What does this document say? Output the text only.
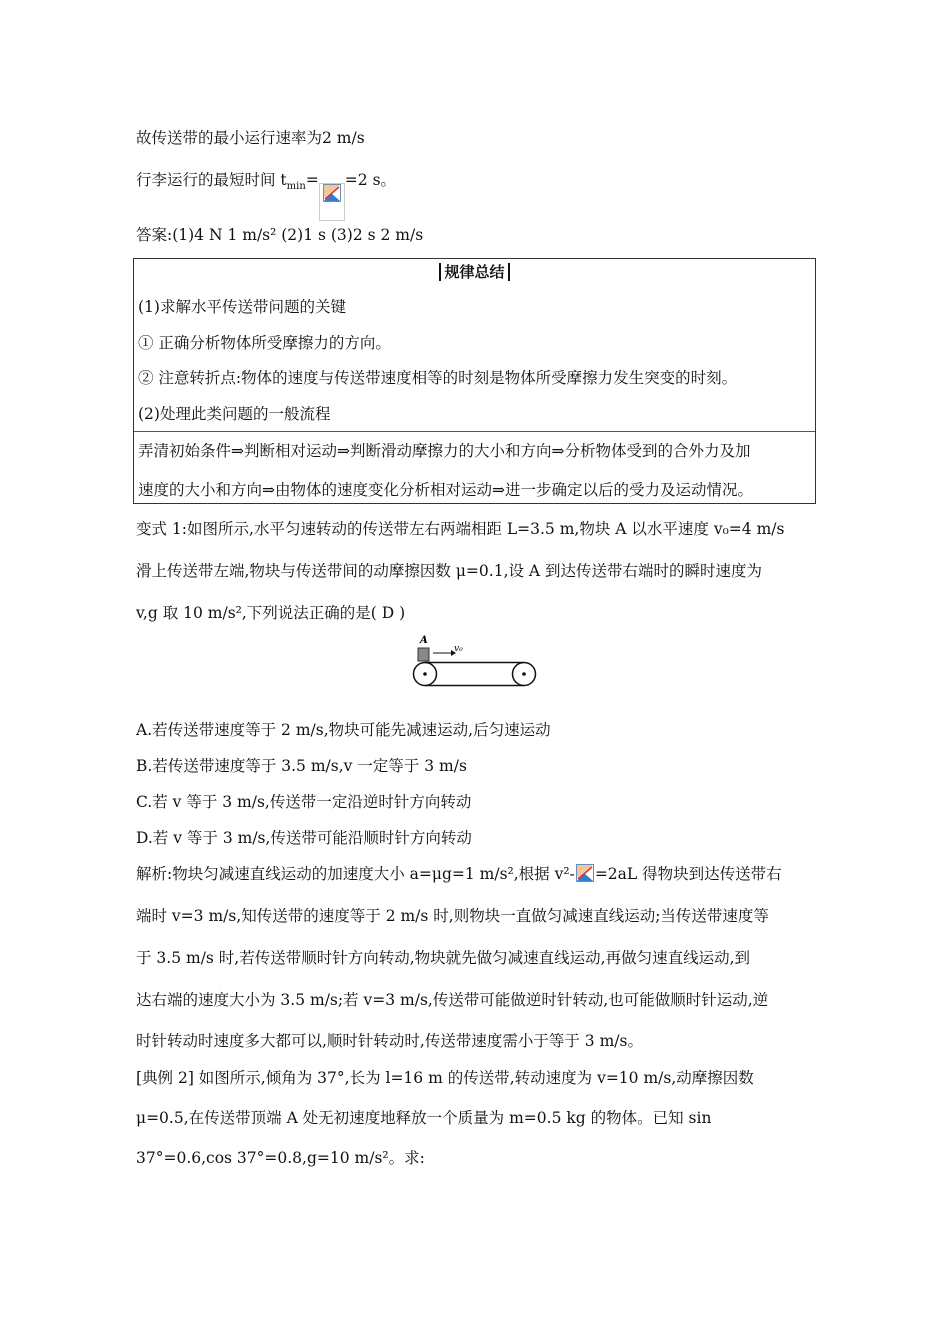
故传送带的最小运行速率为2 m/s
行李运行的最短时间 $t_{min}= =2$ s。
答案:(1)4 N 1 m/s² (2)1 s (3)2 s 2 m/s
规律总结
(1)求解水平传送带问题的关键
① 正确分析物体所受摩擦力的方向。
② 注意转折点:物体的速度与传送带速度相等的时刻是物体所受摩擦力发生突变的时刻。
(2)处理此类问题的一般流程
弄清初始条件⇒判断相对运动⇒判断滑动摩擦力的大小和方向⇒分析物体受到的合外力及加
速度的大小和方向⇒由物体的速度变化分析相对运动⇒进一步确定以后的受力及运动情况。
变式 1:如图所示,水平匀速转动的传送带左右两端相距 L=3.5 m,物块 A 以水平速度 v₀=4 m/s
滑上传送带左端,物块与传送带间的动摩擦因数 μ=0.1,设 A 到达传送带右端时的瞬时速度为
v,g 取 10 m/s²,下列说法正确的是( D )
A
v₀
A.若传送带速度等于 2 m/s,物块可能先减速运动,后匀速运动
B.若传送带速度等于 3.5 m/s,v 一定等于 3 m/s
C.若 v 等于 3 m/s,传送带一定沿逆时针方向转动
D.若 v 等于 3 m/s,传送带可能沿顺时针方向转动
解析:物块匀减速直线运动的加速度大小 a=μg=1 m/s²,根据 v²- =2aL 得物块到达传送带右
端时 v=3 m/s,知传送带的速度等于 2 m/s 时,则物块一直做匀减速直线运动;当传送带速度等
于 3.5 m/s 时,若传送带顺时针方向转动,物块就先做匀减速直线运动,再做匀速直线运动,到
达右端的速度大小为 3.5 m/s;若 v=3 m/s,传送带可能做逆时针转动,也可能做顺时针运动,逆
时针转动时速度多大都可以,顺时针转动时,传送带速度需小于等于 3 m/s。
[典例 2] 如图所示,倾角为 37°,长为 l=16 m 的传送带,转动速度为 v=10 m/s,动摩擦因数
μ=0.5,在传送带顶端 A 处无初速度地释放一个质量为 m=0.5 kg 的物体。已知 sin
37°=0.6,cos 37°=0.8,g=10 m/s²。求:
